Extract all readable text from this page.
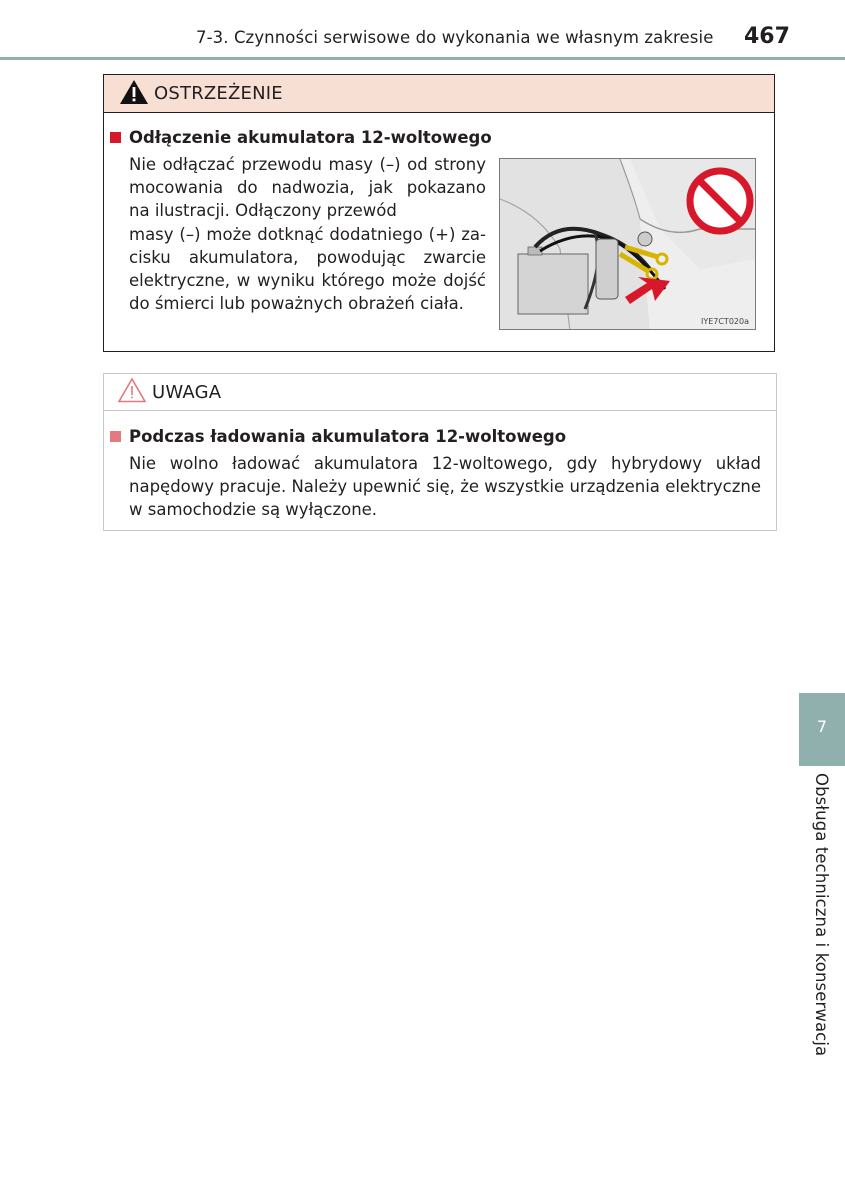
7-3. Czynności serwisowe do wykonania we własnym zakresie 467
OSTRZEŻENIE
Odłączenie akumulatora 12-woltowego
Nie odłączać przewodu masy (–) od strony
mocowania do nadwozia, jak pokazano
na ilustracji. Odłączony przewód
masy (–) może dotknąć dodatniego (+) za-
cisku akumulatora, powodując zwarcie
elektryczne, w wyniku którego może dojść
do śmierci lub poważnych obrażeń ciała.
IYE7CT020a
UWAGA
Podczas ładowania akumulatora 12-woltowego
Nie wolno ładować akumulatora 12-woltowego, gdy hybrydowy układ
napędowy pracuje. Należy upewnić się, że wszystkie urządzenia elektryczne
w samochodzie są wyłączone.
7
Obsługa techniczna i konserwacja
